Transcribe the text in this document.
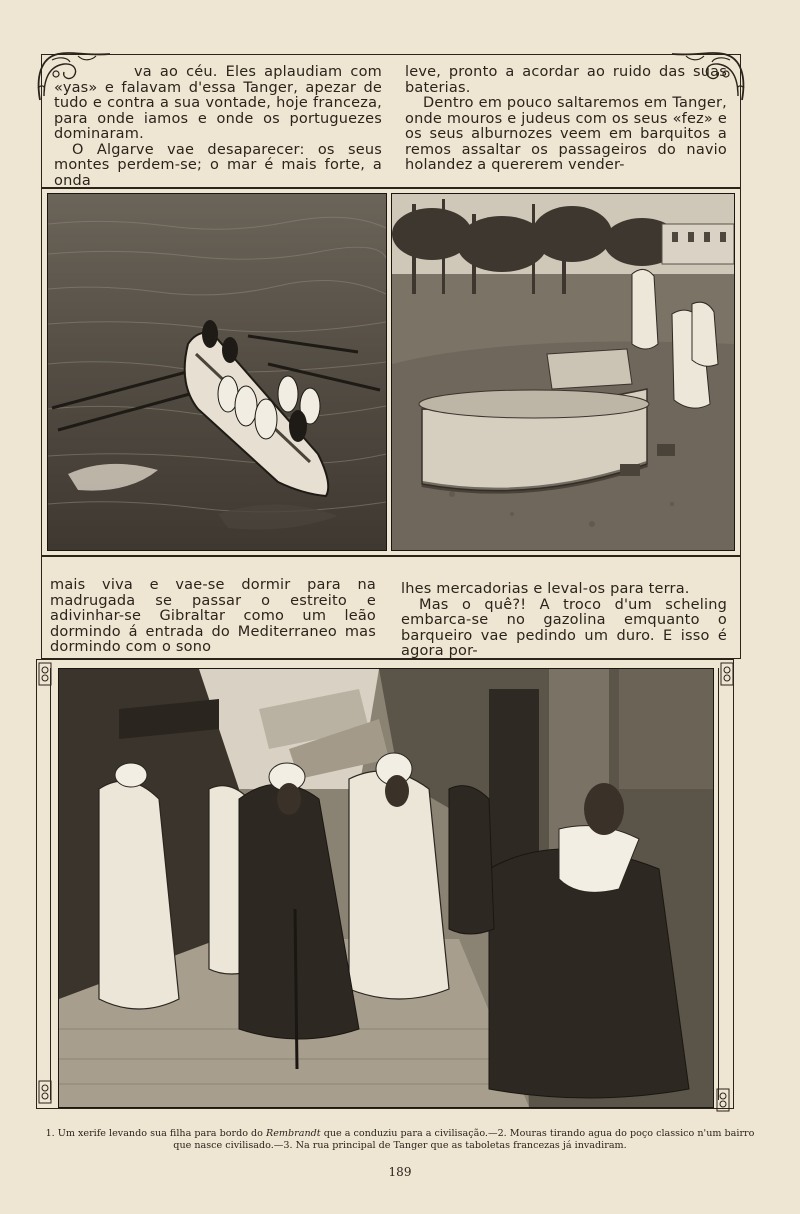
va ao céu. Eles aplaudiam com «yas» e falavam d'essa Tanger, apezar de tudo e contra a sua vontade, hoje franceza, para onde iamos e onde os portuguezes dominaram.

O Algarve vae desaparecer: os seus montes perdem-se; o mar é mais forte, a onda

leve, pronto a acordar ao ruido das suas baterias.

Dentro em pouco saltaremos em Tanger, onde mouros e judeus com os seus «fez» e os seus alburnozes veem em barquitos a remos assaltar os passageiros do navio holandez a quererem vender-

mais viva e vae-se dormir para na madrugada se passar o estreito e adivinhar-se Gibraltar como um leão dormindo á entrada do Mediterraneo mas dormindo com o sono

lhes mercadorias e leval-os para terra.

Mas o quê?! A troco d'um scheling embarca-se no gazolina emquanto o barqueiro vae pedindo um duro. E isso é agora por-

1. Um xerife levando sua filha para bordo do Rembrandt que a conduziu para a civilisação.—2. Mouras tirando agua do poço classico n'um bairro que nasce civilisado.—3. Na rua principal de Tanger que as taboletas francezas já invadiram.
189
